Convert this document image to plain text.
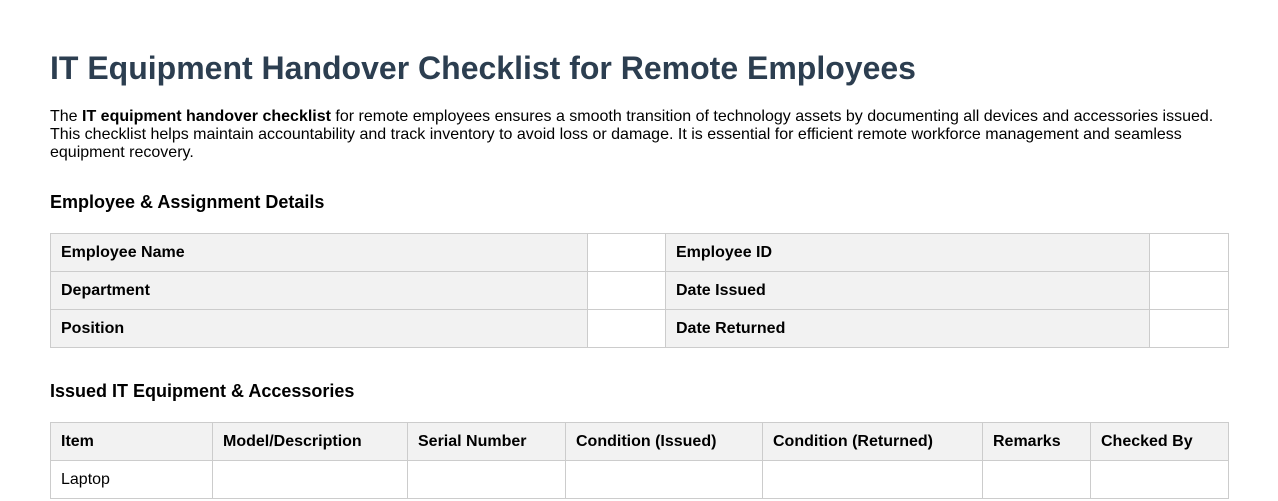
IT Equipment Handover Checklist for Remote Employees

The IT equipment handover checklist for remote employees ensures a smooth transition of technology assets by documenting all devices and accessories issued. This checklist helps maintain accountability and track inventory to avoid loss or damage. It is essential for efficient remote workforce management and seamless equipment recovery.

Employee & Assignment Details
Employee Name		Employee ID	
Department		Date Issued	
Position		Date Returned	
Issued IT Equipment & Accessories
Item	Model/Description	Serial Number	Condition (Issued)	Condition (Returned)	Remarks	Checked By
Laptop						
